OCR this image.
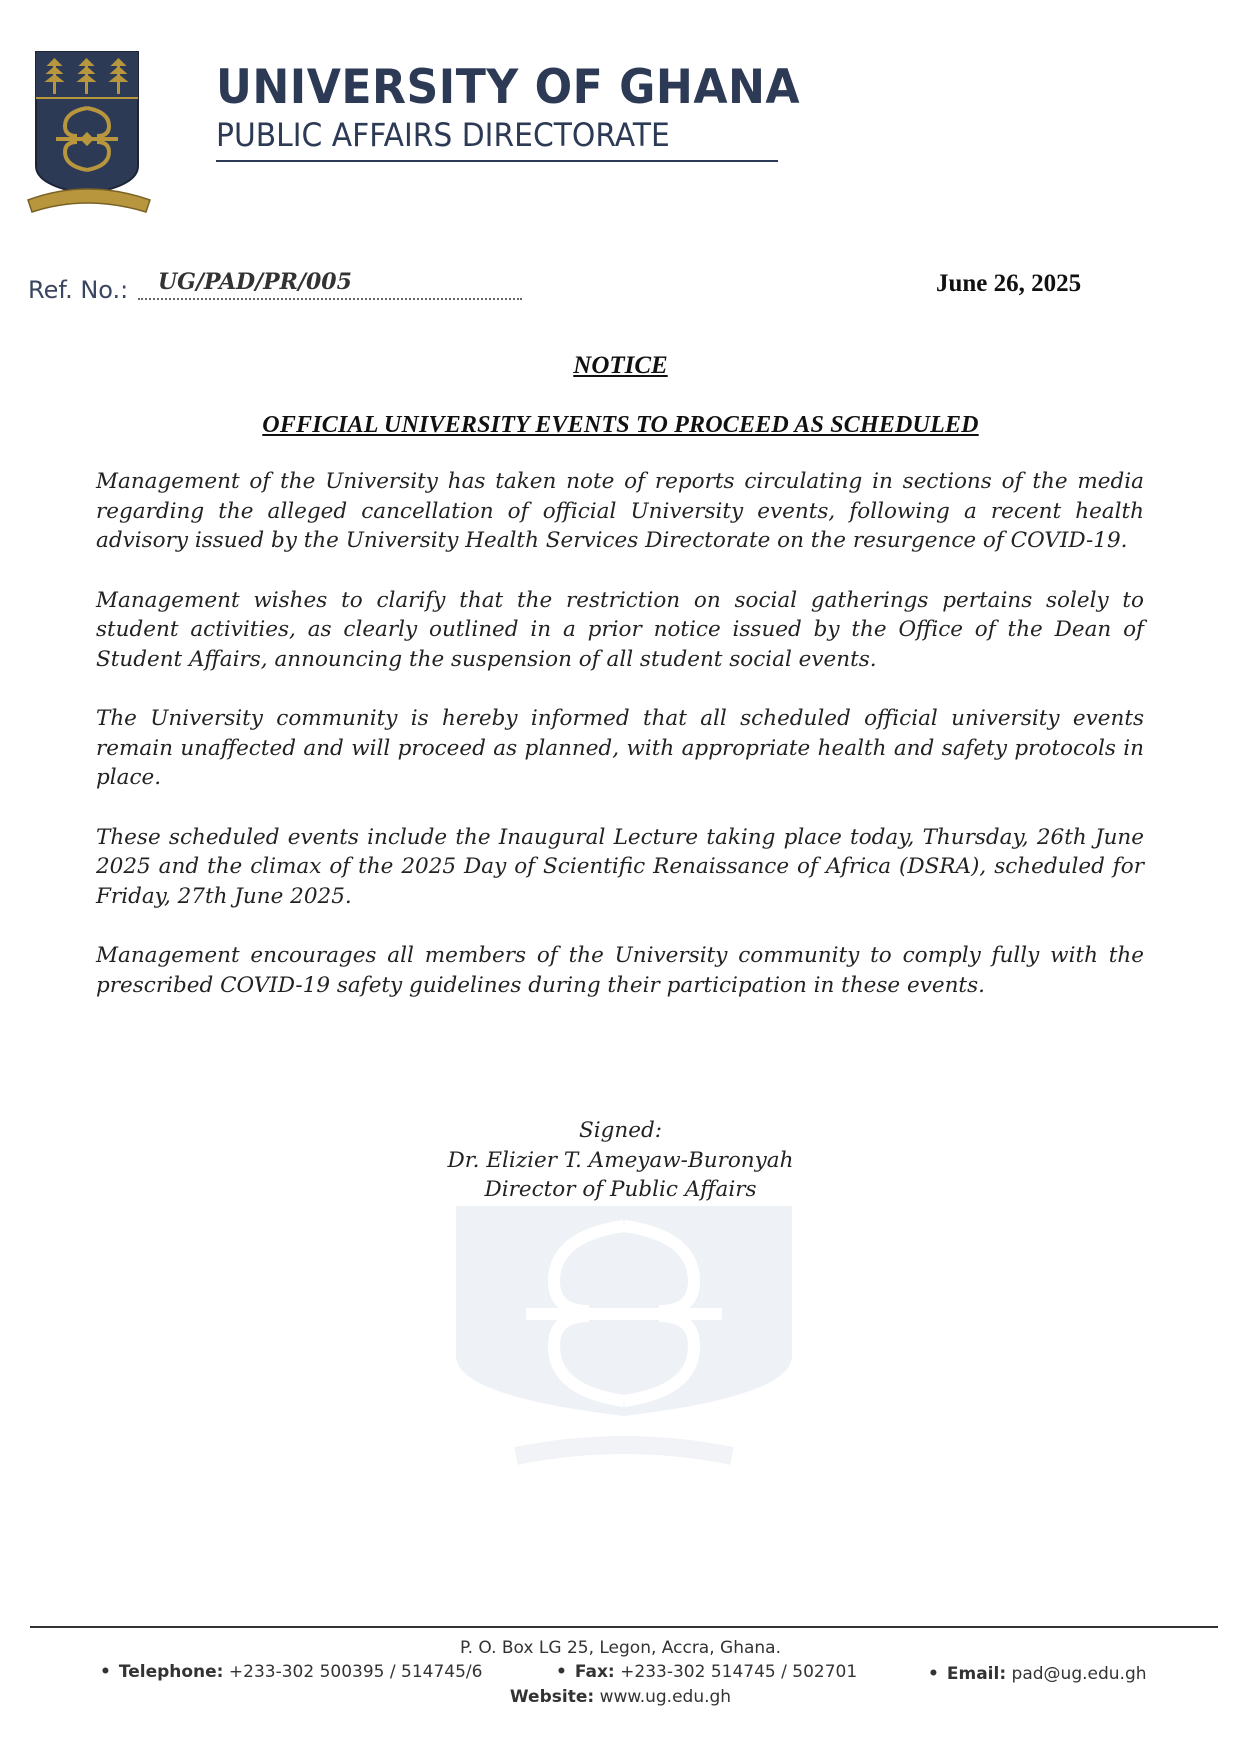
UNIVERSITY OF GHANA
PUBLIC AFFAIRS DIRECTORATE
Ref. No.: UG/PAD/PR/005	June 26, 2025
NOTICE
OFFICIAL UNIVERSITY EVENTS TO PROCEED AS SCHEDULED

Management of the University has taken note of reports circulating in sections of the media regarding the alleged cancellation of official University events, following a recent health advisory issued by the University Health Services Directorate on the resurgence of COVID-19.

Management wishes to clarify that the restriction on social gatherings pertains solely to student activities, as clearly outlined in a prior notice issued by the Office of the Dean of Student Affairs, announcing the suspension of all student social events.

The University community is hereby informed that all scheduled official university events remain unaffected and will proceed as planned, with appropriate health and safety protocols in place.

These scheduled events include the Inaugural Lecture taking place today, Thursday, 26th June 2025 and the climax of the 2025 Day of Scientific Renaissance of Africa (DSRA), scheduled for Friday, 27th June 2025.

Management encourages all members of the University community to comply fully with the prescribed COVID-19 safety guidelines during their participation in these events.

Signed:
Dr. Elizier T. Ameyaw-Buronyah
Director of Public Affairs
P. O. Box LG 25, Legon, Accra, Ghana.
• Telephone: +233-302 500395 / 514745/6	• Fax: +233-302 514745 / 502701	• Email: pad@ug.edu.gh
Website: www.ug.edu.gh
